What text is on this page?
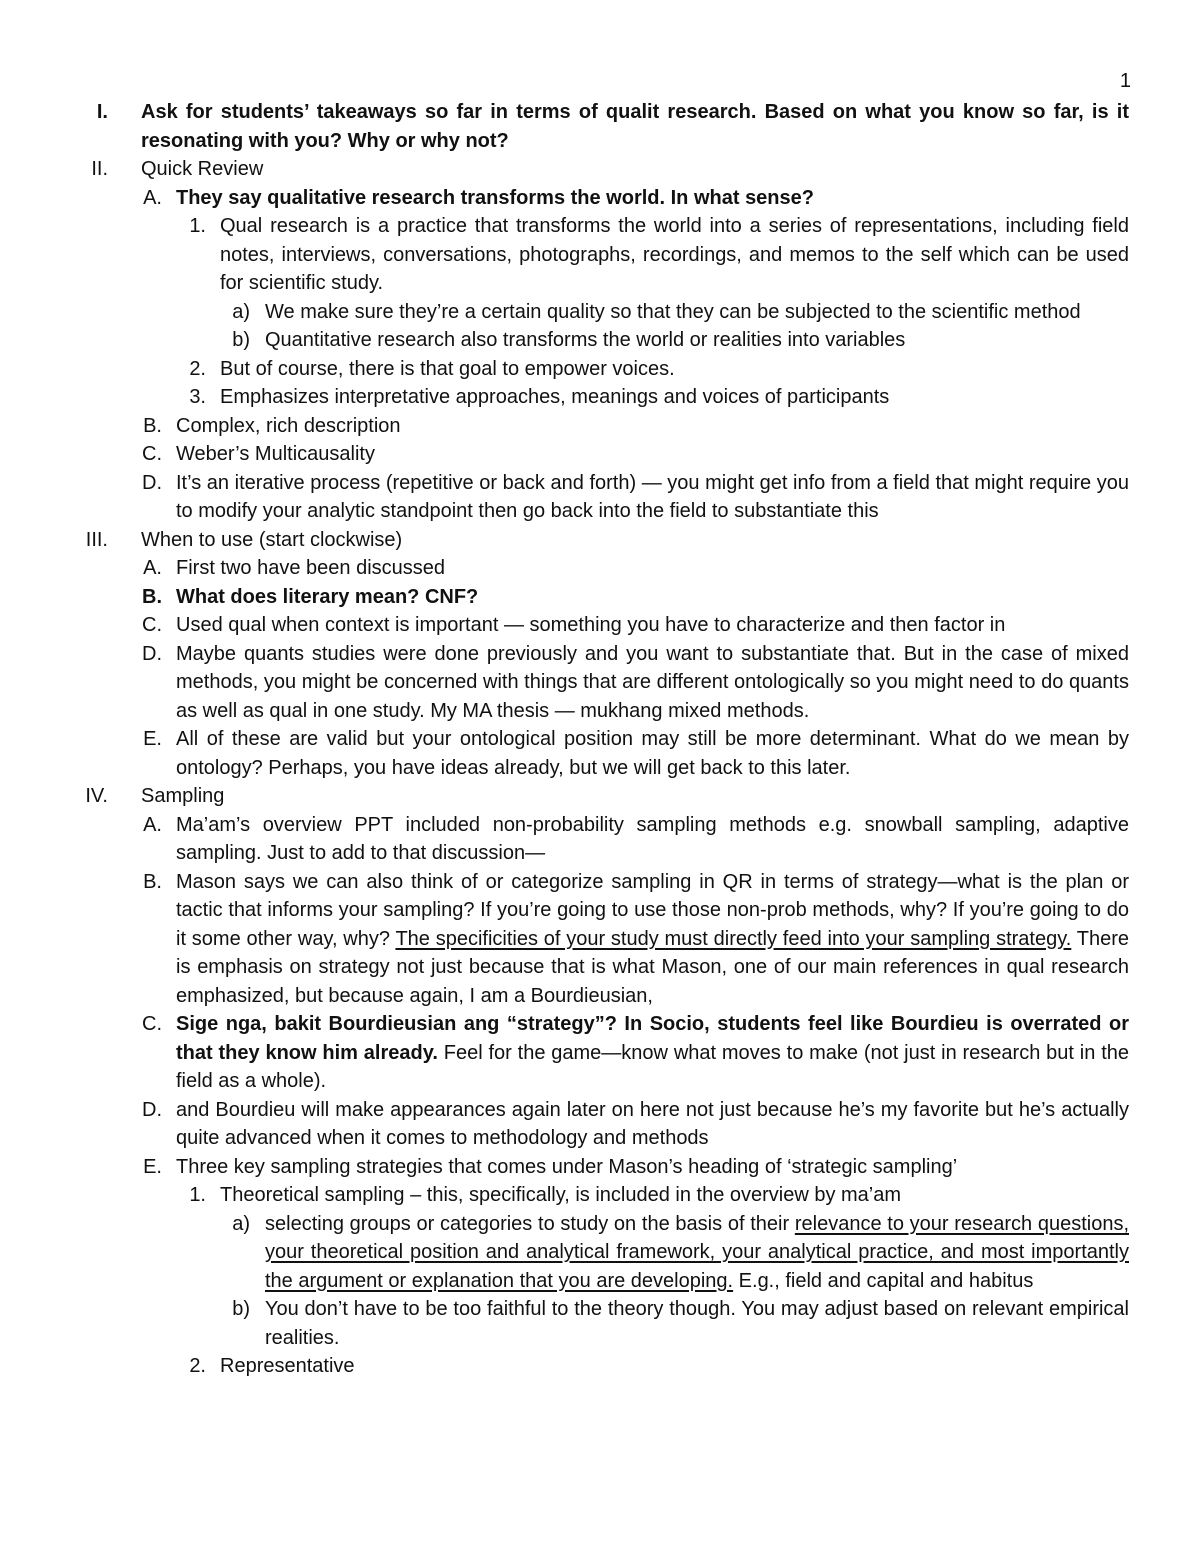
1
I. Ask for students’ takeaways so far in terms of qualit research. Based on what you know so far, is it resonating with you? Why or why not?
II. Quick Review
A. They say qualitative research transforms the world. In what sense?
1. Qual research is a practice that transforms the world into a series of representations, including field notes, interviews, conversations, photographs, recordings, and memos to the self which can be used for scientific study.
a) We make sure they’re a certain quality so that they can be subjected to the scientific method
b) Quantitative research also transforms the world or realities into variables
2. But of course, there is that goal to empower voices.
3. Emphasizes interpretative approaches, meanings and voices of participants
B. Complex, rich description
C. Weber’s Multicausality
D. It’s an iterative process (repetitive or back and forth) — you might get info from a field that might require you to modify your analytic standpoint then go back into the field to substantiate this
III. When to use (start clockwise)
A. First two have been discussed
B. What does literary mean? CNF?
C. Used qual when context is important — something you have to characterize and then factor in
D. Maybe quants studies were done previously and you want to substantiate that. But in the case of mixed methods, you might be concerned with things that are different ontologically so you might need to do quants as well as qual in one study. My MA thesis — mukhang mixed methods.
E. All of these are valid but your ontological position may still be more determinant. What do we mean by ontology? Perhaps, you have ideas already, but we will get back to this later.
IV. Sampling
A. Ma’am’s overview PPT included non-probability sampling methods e.g. snowball sampling, adaptive sampling. Just to add to that discussion—
B. Mason says we can also think of or categorize sampling in QR in terms of strategy—what is the plan or tactic that informs your sampling? If you’re going to use those non-prob methods, why? If you’re going to do it some other way, why? The specificities of your study must directly feed into your sampling strategy. There is emphasis on strategy not just because that is what Mason, one of our main references in qual research emphasized, but because again, I am a Bourdieusian,
C. Sige nga, bakit Bourdieusian ang “strategy”? In Socio, students feel like Bourdieu is overrated or that they know him already. Feel for the game—know what moves to make (not just in research but in the field as a whole).
D. and Bourdieu will make appearances again later on here not just because he’s my favorite but he’s actually quite advanced when it comes to methodology and methods
E. Three key sampling strategies that comes under Mason’s heading of ‘strategic sampling’
1. Theoretical sampling – this, specifically, is included in the overview by ma’am
a) selecting groups or categories to study on the basis of their relevance to your research questions, your theoretical position and analytical framework, your analytical practice, and most importantly the argument or explanation that you are developing. E.g., field and capital and habitus
b) You don’t have to be too faithful to the theory though. You may adjust based on relevant empirical realities.
2. Representative
